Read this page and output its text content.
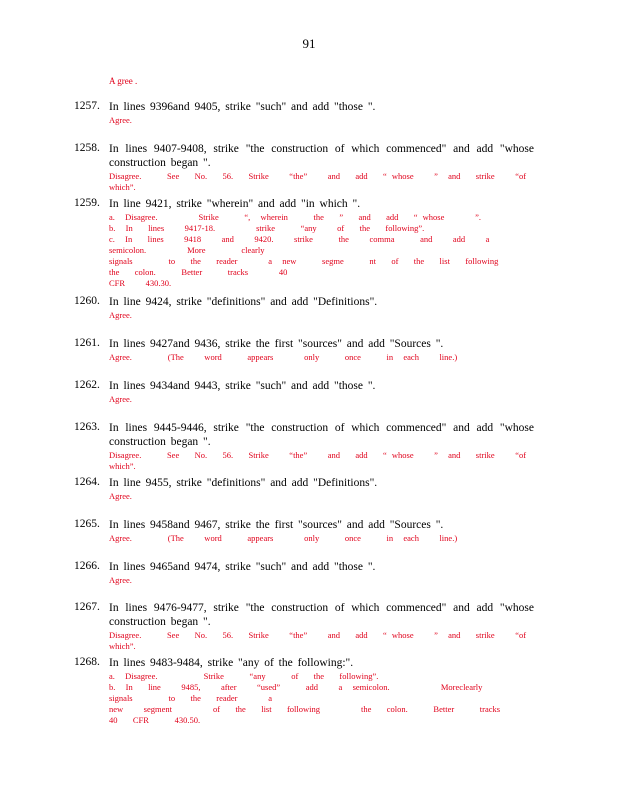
91
A gree .
1257. In lines 9396and 9405, strike "such" and add "those ".
Agree.
1258. In lines 9407-9408, strike "the construction of which commenced" and add "whose construction began ".
Disagree.     See   No.   56.   Strike    “the”    and   add   “ whose    ”  and   strike    “of   which”.
1259. In line 9421, strike "wherein" and add "in which ".
a.  Disagree.        Strike     “,  wherein     the   ”   and   add   “ whose      ”.
b.  In   lines    9417-18.        strike     “any    of   the   following”.
c.  In   lines    9418    and    9420.    strike     the    comma     and    add    a  semicolon.        More       clearly
signals       to   the   reader      a  new     segme     nt   of   the   list   following        the   colon.     Better     tracks      40
CFR    430.30.
1260. In line 9424, strike "definitions" and add "Definitions".
Agree.
1261. In lines 9427and 9436, strike the first "sources" and add "Sources ".
Agree.       (The    word     appears      only     once     in  each    line.)
1262. In lines 9434and 9443, strike "such" and add "those ".
Agree.
1263. In lines 9445-9446, strike "the construction of which commenced" and add "whose construction began ".
Disagree.     See   No.   56.   Strike    “the”    and   add   “ whose    ”  and   strike    “of   which”.
1264. In line 9455, strike "definitions" and add "Definitions".
Agree.
1265. In lines 9458and 9467, strike the first "sources" and add "Sources ".
Agree.       (The    word     appears      only     once     in  each    line.)
1266. In lines 9465and 9474, strike "such" and add "those ".
Agree.
1267. In lines 9476-9477, strike "the construction of which commenced" and add "whose construction began ".
Disagree.     See   No.   56.   Strike    “the”    and   add   “ whose    ”  and   strike    “of   which”.
1268. In lines 9483-9484, strike "any of the following:".
a.  Disagree.         Strike     “any     of   the   following”.
b.  In   line    9485,    after    “used”     add    a  semicolon.          Moreclearly           signals       to   the   reader      a
new    segment        of   the   list   following        the   colon.     Better     tracks      40   CFR     430.50.
